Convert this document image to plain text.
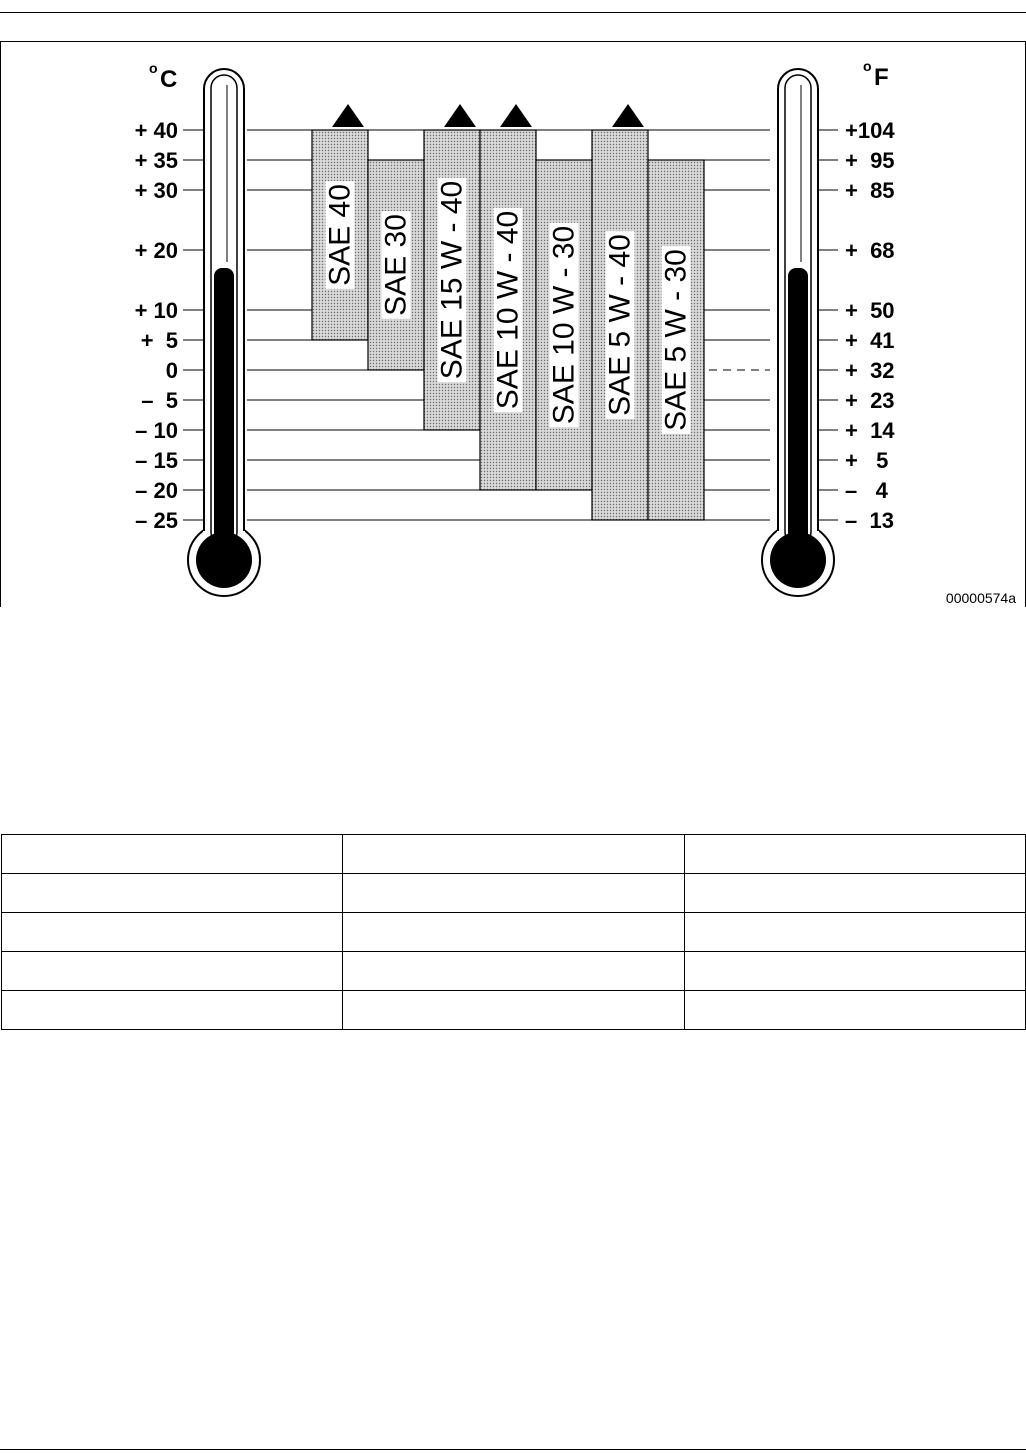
SAE 40 SAE 30 SAE 15 W - 40 SAE 10 W - 40 SAE 10 W - 30 SAE 5 W - 40 SAE 5 W - 30
+ 40
+ 35
+ 30
+ 20
+ 10
+  5
0
–  5
– 10
– 15
– 20
– 25
+104
+  95
+  85
+  68
+  50
+  41
+  32
+  23
+  14
+   5
–   4
–  13
o C	o F
00000574a
